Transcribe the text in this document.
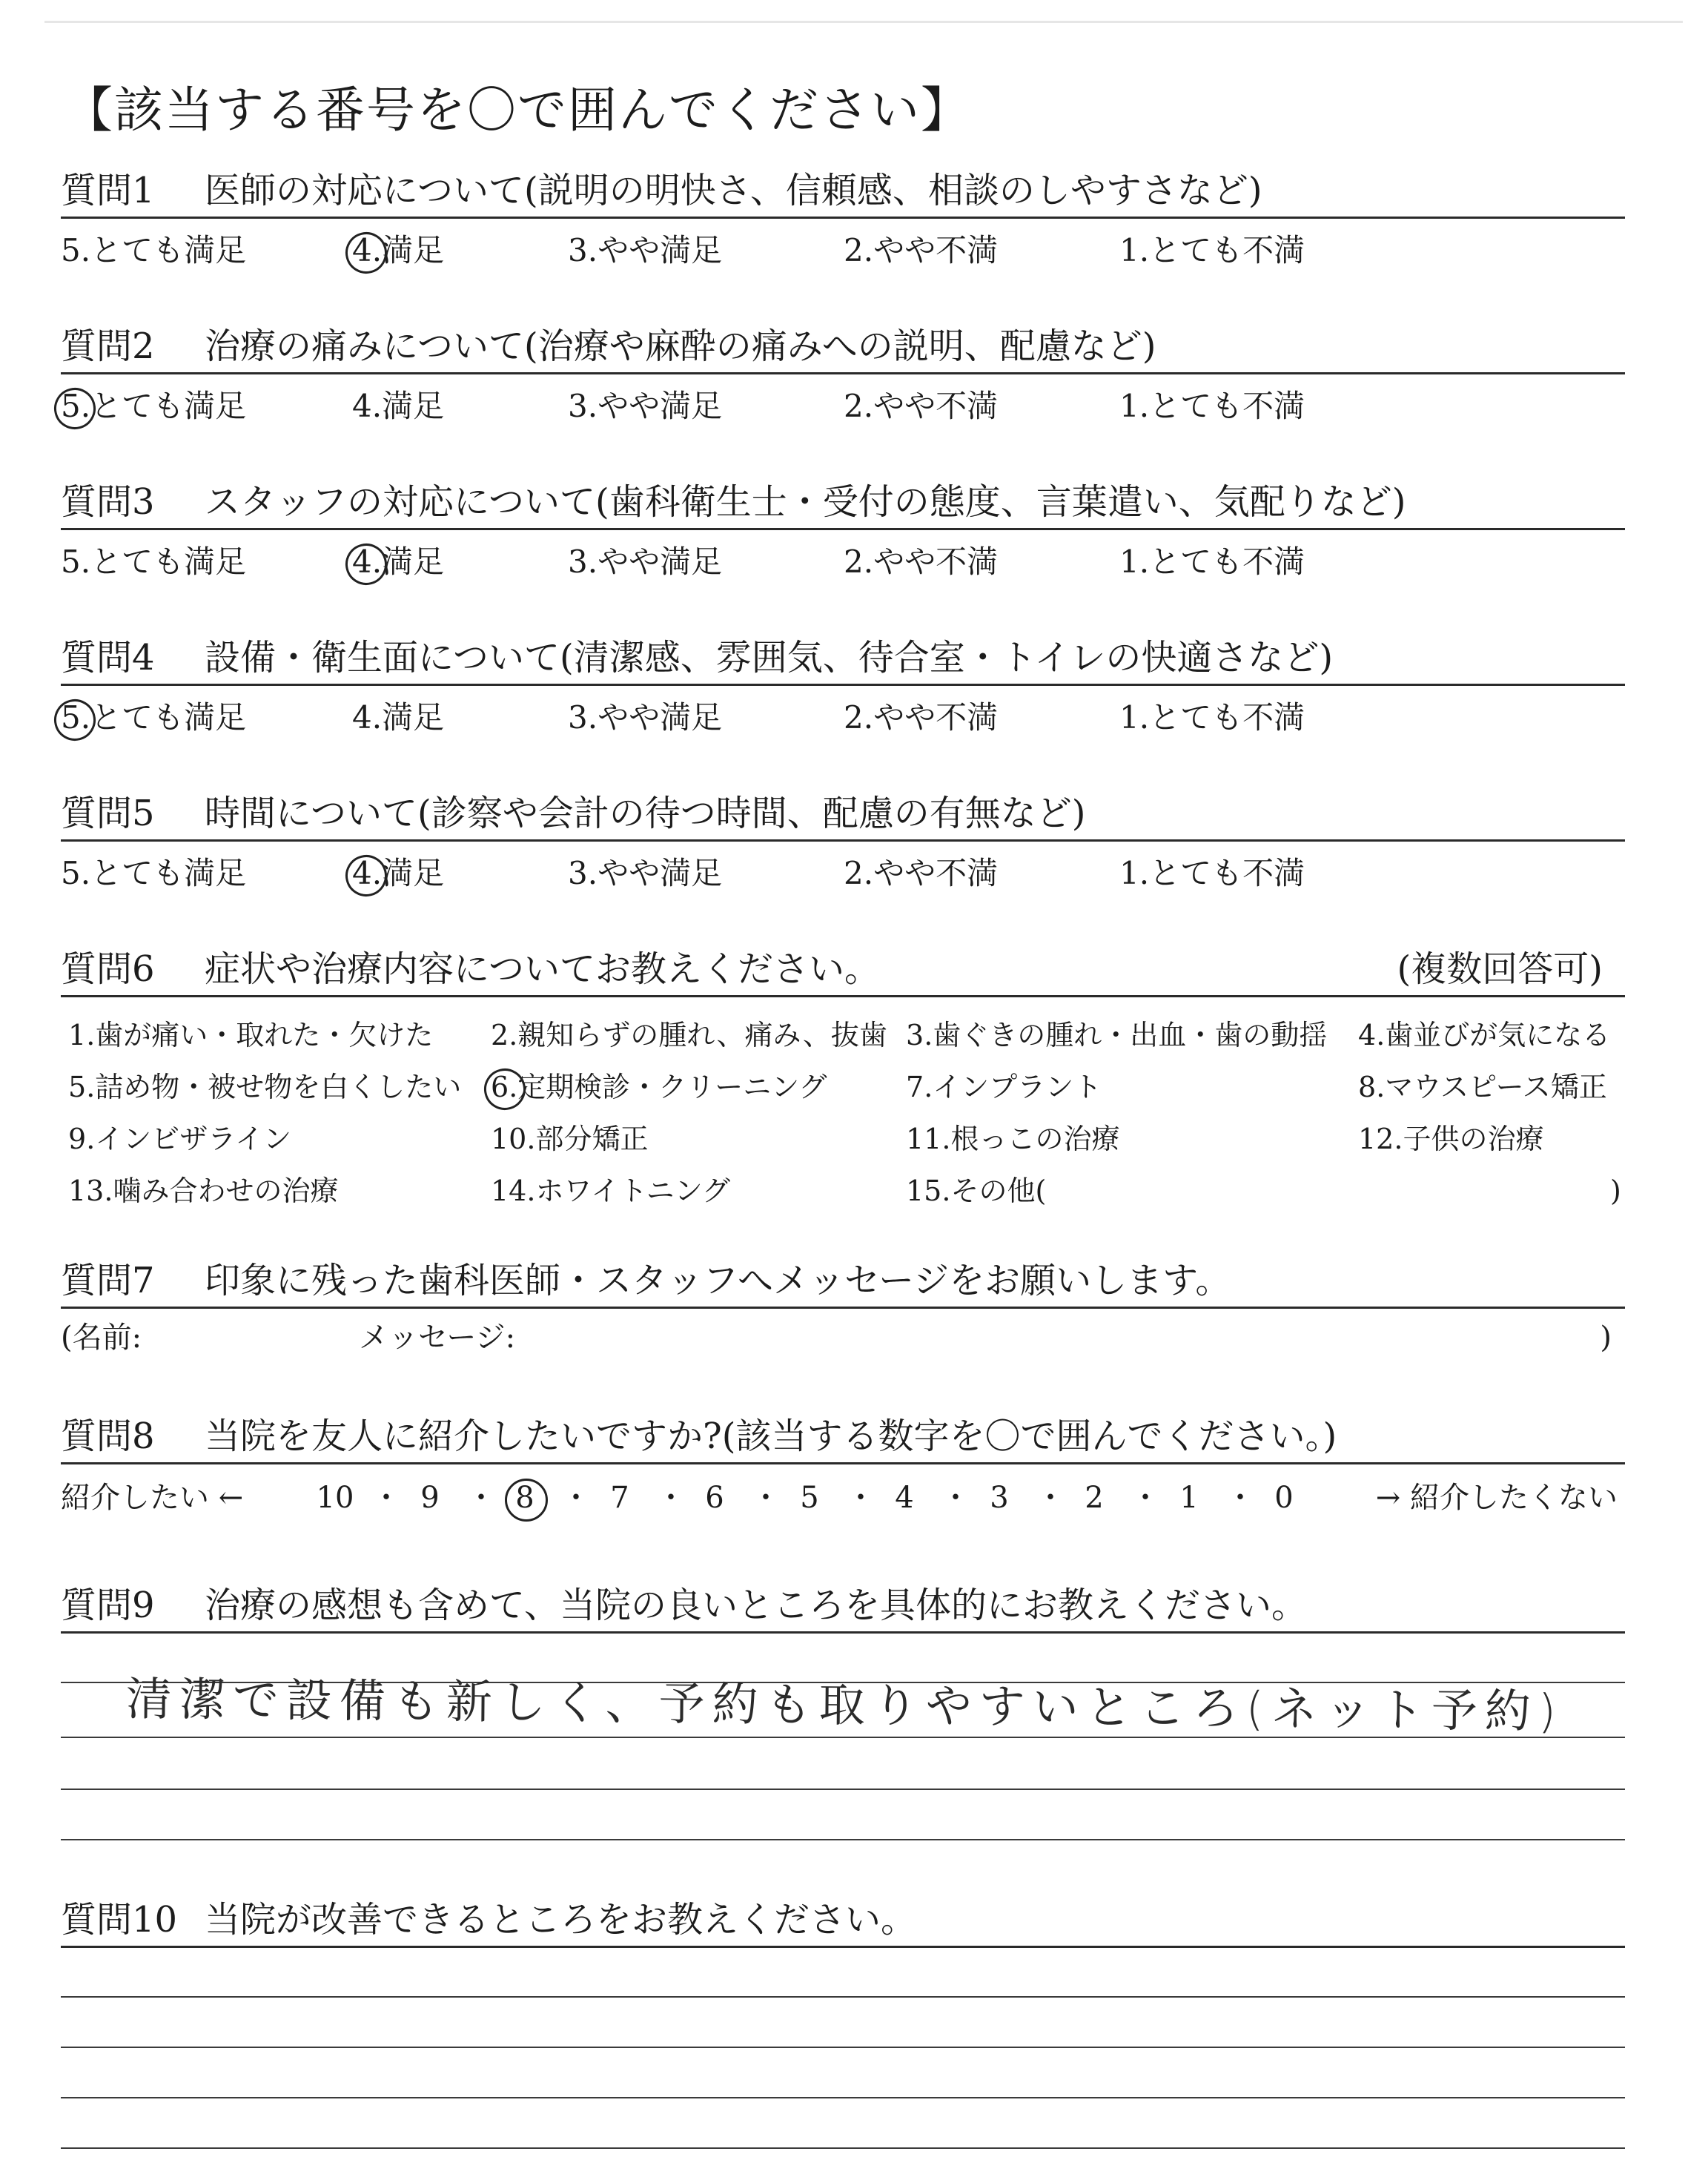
【該当する番号を〇で囲んでください】
質問1 医師の対応について(説明の明快さ、信頼感、相談のしやすさなど)
5.とても満足	4.満足	3.やや満足	2.やや不満	1.とても不満
質問2 治療の痛みについて(治療や麻酔の痛みへの説明、配慮など)
5.とても満足	4.満足	3.やや満足	2.やや不満	1.とても不満
質問3 スタッフの対応について(歯科衛生士・受付の態度、言葉遣い、気配りなど)
5.とても満足	4.満足	3.やや満足	2.やや不満	1.とても不満
質問4 設備・衛生面について(清潔感、雰囲気、待合室・トイレの快適さなど)
5.とても満足	4.満足	3.やや満足	2.やや不満	1.とても不満
質問5 時間について(診察や会計の待つ時間、配慮の有無など)
5.とても満足	4.満足	3.やや満足	2.やや不満	1.とても不満
質問6 症状や治療内容についてお教えください。	(複数回答可)
1.歯が痛い・取れた・欠けた 2.親知らずの腫れ、痛み、抜歯 3.歯ぐきの腫れ・出血・歯の動揺 4.歯並びが気になる
5.詰め物・被せ物を白くしたい 6.定期検診・クリーニング	7.インプラント	8.マウスピース矯正
9.インビザライン	10.部分矯正	11.根っこの治療	12.子供の治療
13.噛み合わせの治療	14.ホワイトニング	15.その他(	)
質問7 印象に残った歯科医師・スタッフへメッセージをお願いします。
(名前:	メッセージ:	)
質問8 当院を友人に紹介したいですか?(該当する数字を〇で囲んでください。)
紹介したい ←	→ 紹介したくない
10 ・ 9 ・ 8 ・ 7 ・ 6 ・ 5 ・ 4 ・ 3 ・ 2 ・ 1 ・ 0
質問9 治療の感想も含めて、当院の良いところを具体的にお教えください。
清潔で設備も新しく、予約も取りやすいところ(ネット予約)
質問10 当院が改善できるところをお教えください。
